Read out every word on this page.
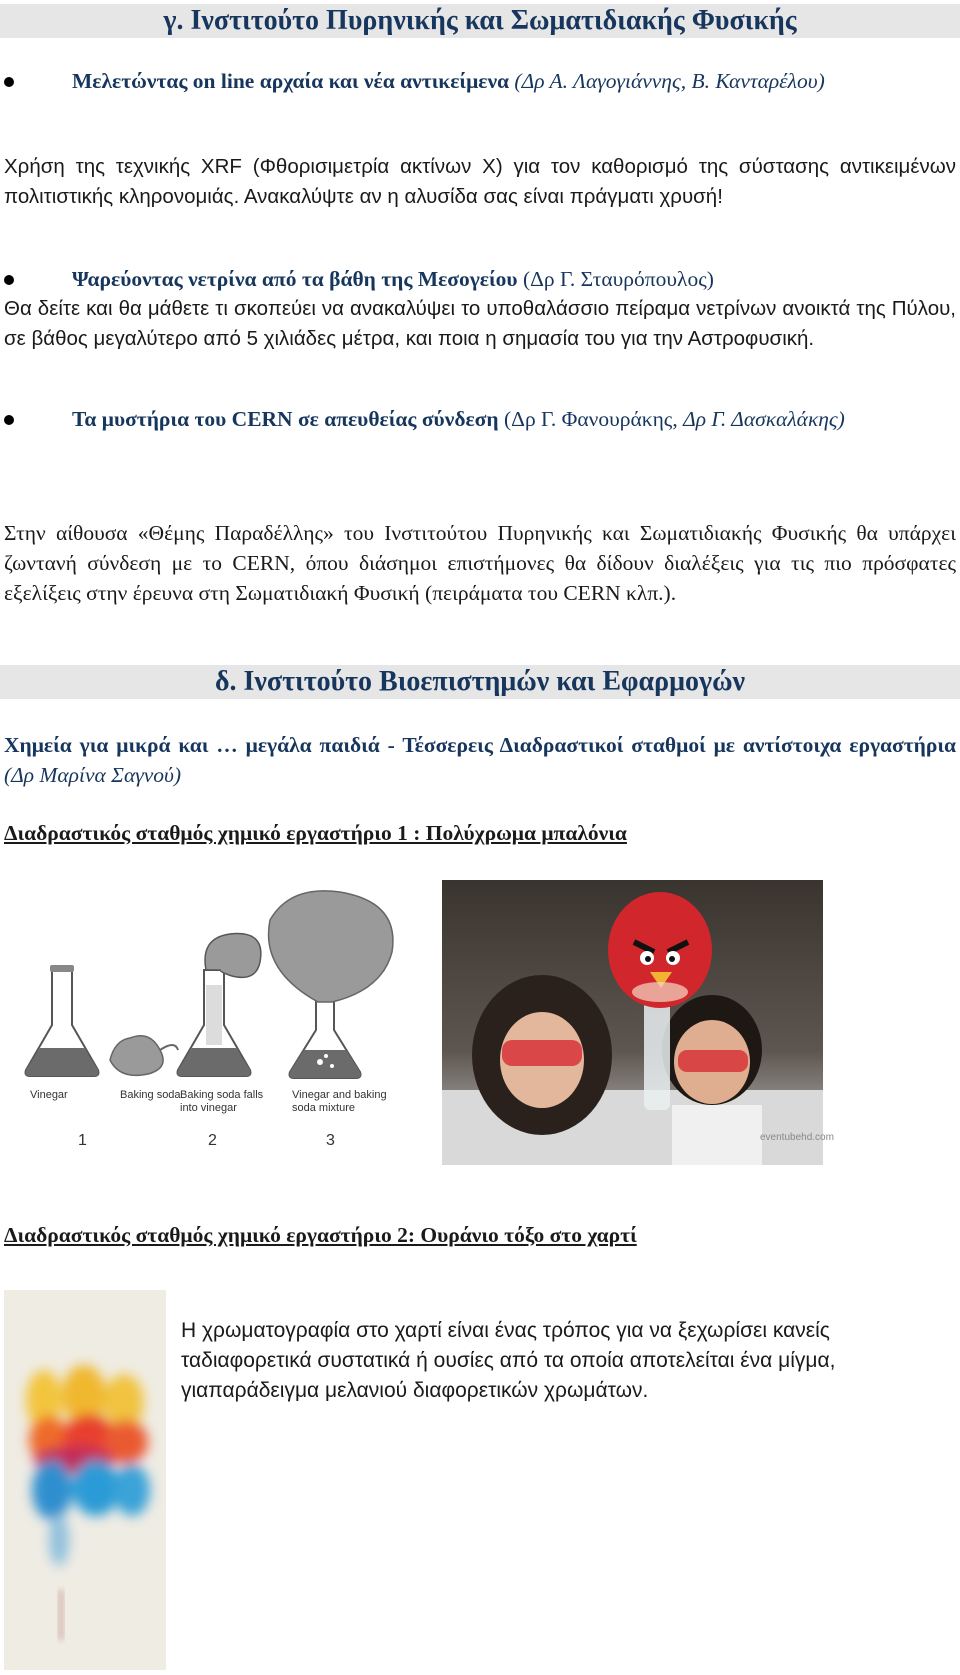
γ. Ινστιτούτο Πυρηνικής και Σωματιδιακής Φυσικής
Μελετώντας on line αρχαία και νέα αντικείμενα (Δρ Α. Λαγογιάννης, Β. Κανταρέλου)
Χρήση της τεχνικής XRF (Φθορισιμετρία ακτίνων Χ) για τον καθορισμό της σύστασης αντικειμένων πολιτιστικής κληρονομιάς. Ανακαλύψτε αν η αλυσίδα σας είναι πράγματι χρυσή!
Ψαρεύοντας νετρίνα από τα βάθη της Μεσογείου (Δρ Γ. Σταυρόπουλος)
Θα δείτε και θα μάθετε τι σκοπεύει να ανακαλύψει το υποθαλάσσιο πείραμα νετρίνων ανοικτά της Πύλου, σε βάθος μεγαλύτερο από 5 χιλιάδες μέτρα, και ποια η σημασία του για την Αστροφυσική.
Τα μυστήρια του CERN σε απευθείας σύνδεση (Δρ Γ. Φανουράκης, Δρ Γ. Δασκαλάκης)
Στην αίθουσα «Θέμης Παραδέλλης» του Ινστιτούτου Πυρηνικής και Σωματιδιακής Φυσικής θα υπάρχει ζωντανή σύνδεση με το CERN, όπου διάσημοι επιστήμονες θα δίδουν διαλέξεις για τις πιο πρόσφατες εξελίξεις στην έρευνα στη Σωματιδιακή Φυσική (πειράματα του CERN κλπ.).
δ. Ινστιτούτο Βιοεπιστημών και Εφαρμογών
Χημεία για μικρά και … μεγάλα παιδιά - Τέσσερεις Διαδραστικοί σταθμοί με αντίστοιχα εργαστήρια (Δρ Μαρίνα Σαγνού)
Διαδραστικός σταθμός χημικό εργαστήριο 1 : Πολύχρωμα μπαλόνια
Vinegar	Baking soda Baking soda falls
into vinegar
Vinegar and baking
soda mixture
1	2	3	eventubehd.com
Διαδραστικός σταθμός χημικό εργαστήριο 2: Ουράνιο τόξο στο χαρτί
Η χρωματογραφία στο χαρτί είναι ένας τρόπος για να ξεχωρίσει κανείς ταδιαφορετικά συστατικά ή ουσίες από τα οποία αποτελείται ένα μίγμα, γιαπαράδειγμα μελανιού διαφορετικών χρωμάτων.
